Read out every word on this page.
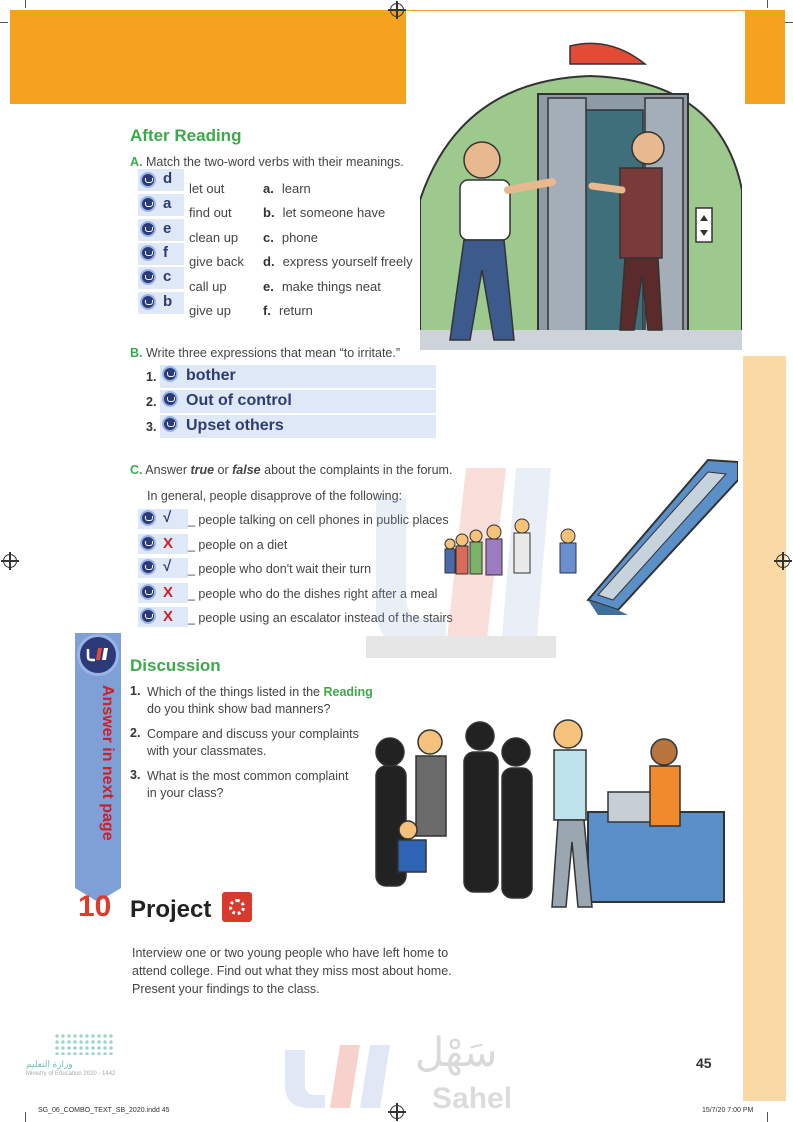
After Reading
A. Match the two-word verbs with their meanings.
d
let out	a. learn
a
find out b. let someone have
e
clean up c. phone
f
give back d. express yourself freely
c
call up	e. make things neat
b
give up f. return
B. Write three expressions that mean “to irritate.”
1. bother
2. Out of control
3. Upset others
C. Answer true or false about the complaints in the forum.
In general, people disapprove of the following:
√ _ people talking on cell phones in public places
X _ people on a diet
√ _ people who don't wait their turn
X _ people who do the dishes right after a meal
X _ people using an escalator instead of the stairs
Discussion
1. Which of the things listed in the Reading
do you think show bad manners?
2. Compare and discuss your complaints
with your classmates.
3. What is the most common complaint
in your class?
Answer in next page
10 Project
Interview one or two young people who have left home to attend college. Find out what they miss most about home. Present your findings to the class.
وزارة التعليم
Ministry of Education 2020 - 1442	سَهْل
Sahel
45
SG_06_COMBO_TEXT_SB_2020.indd 45	15/7/20 7:00 PM
